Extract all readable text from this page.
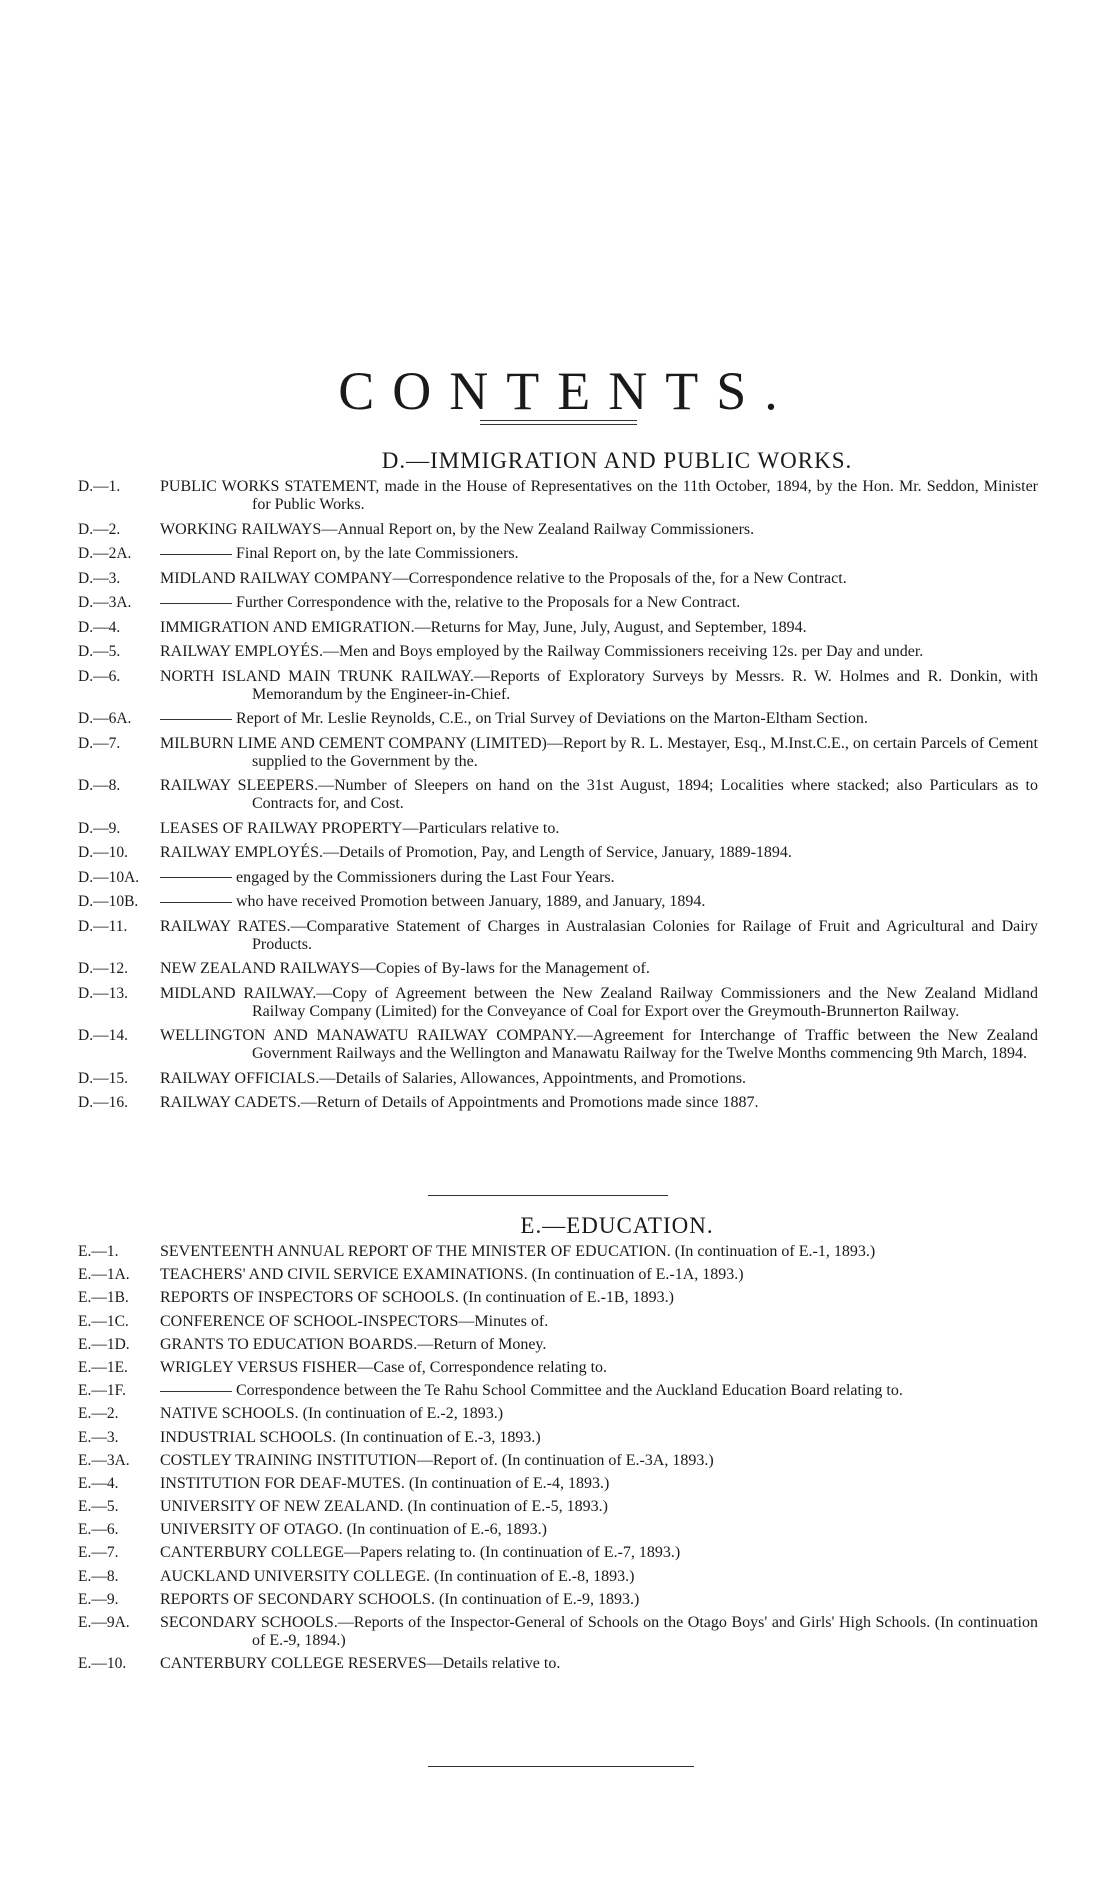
CONTENTS.
D.—IMMIGRATION AND PUBLIC WORKS.
D.—1.	PUBLIC WORKS STATEMENT, made in the House of Representatives on the 11th October, 1894, by the Hon. Mr. Seddon, Minister for Public Works.
D.—2.	WORKING RAILWAYS—Annual Report on, by the New Zealand Railway Commissioners.
D.—2A.	Final Report on, by the late Commissioners.
D.—3.	MIDLAND RAILWAY COMPANY—Correspondence relative to the Proposals of the, for a New Contract.
D.—3A.	Further Correspondence with the, relative to the Proposals for a New Contract.
D.—4.	IMMIGRATION AND EMIGRATION.—Returns for May, June, July, August, and September, 1894.
D.—5.	RAILWAY EMPLOYÉS.—Men and Boys employed by the Railway Commissioners receiving 12s. per Day and under.
D.—6.	NORTH ISLAND MAIN TRUNK RAILWAY.—Reports of Exploratory Surveys by Messrs. R. W. Holmes and R. Donkin, with Memorandum by the Engineer-in-Chief.
D.—6A.	Report of Mr. Leslie Reynolds, C.E., on Trial Survey of Deviations on the Marton-Eltham Section.
D.—7.	MILBURN LIME AND CEMENT COMPANY (LIMITED)—Report by R. L. Mestayer, Esq., M.Inst.C.E., on certain Parcels of Cement supplied to the Government by the.
D.—8.	RAILWAY SLEEPERS.—Number of Sleepers on hand on the 31st August, 1894; Localities where stacked; also Particulars as to Contracts for, and Cost.
D.—9.	LEASES OF RAILWAY PROPERTY—Particulars relative to.
D.—10.	RAILWAY EMPLOYÉS.—Details of Promotion, Pay, and Length of Service, January, 1889-1894.
D.—10A.	engaged by the Commissioners during the Last Four Years.
D.—10B.	who have received Promotion between January, 1889, and January, 1894.
D.—11.	RAILWAY RATES.—Comparative Statement of Charges in Australasian Colonies for Railage of Fruit and Agricultural and Dairy Products.
D.—12.	NEW ZEALAND RAILWAYS—Copies of By-laws for the Management of.
D.—13.	MIDLAND RAILWAY.—Copy of Agreement between the New Zealand Railway Commissioners and the New Zealand Midland Railway Company (Limited) for the Conveyance of Coal for Export over the Greymouth-Brunnerton Railway.
D.—14.	WELLINGTON AND MANAWATU RAILWAY COMPANY.—Agreement for Interchange of Traffic between the New Zealand Government Railways and the Wellington and Manawatu Railway for the Twelve Months commencing 9th March, 1894.
D.—15.	RAILWAY OFFICIALS.—Details of Salaries, Allowances, Appointments, and Promotions.
D.—16.	RAILWAY CADETS.—Return of Details of Appointments and Promotions made since 1887.
E.—EDUCATION.
E.—1.	SEVENTEENTH ANNUAL REPORT OF THE MINISTER OF EDUCATION. (In continuation of E.-1, 1893.)
E.—1A.	TEACHERS' AND CIVIL SERVICE EXAMINATIONS. (In continuation of E.-1A, 1893.)
E.—1B.	REPORTS OF INSPECTORS OF SCHOOLS. (In continuation of E.-1B, 1893.)
E.—1C.	CONFERENCE OF SCHOOL-INSPECTORS—Minutes of.
E.—1D.	GRANTS TO EDUCATION BOARDS.—Return of Money.
E.—1E.	WRIGLEY VERSUS FISHER—Case of, Correspondence relating to.
E.—1F.	Correspondence between the Te Rahu School Committee and the Auckland Education Board relating to.
E.—2.	NATIVE SCHOOLS. (In continuation of E.-2, 1893.)
E.—3.	INDUSTRIAL SCHOOLS. (In continuation of E.-3, 1893.)
E.—3A.	COSTLEY TRAINING INSTITUTION—Report of. (In continuation of E.-3A, 1893.)
E.—4.	INSTITUTION FOR DEAF-MUTES. (In continuation of E.-4, 1893.)
E.—5.	UNIVERSITY OF NEW ZEALAND. (In continuation of E.-5, 1893.)
E.—6.	UNIVERSITY OF OTAGO. (In continuation of E.-6, 1893.)
E.—7.	CANTERBURY COLLEGE—Papers relating to. (In continuation of E.-7, 1893.)
E.—8.	AUCKLAND UNIVERSITY COLLEGE. (In continuation of E.-8, 1893.)
E.—9.	REPORTS OF SECONDARY SCHOOLS. (In continuation of E.-9, 1893.)
E.—9A.	SECONDARY SCHOOLS.—Reports of the Inspector-General of Schools on the Otago Boys' and Girls' High Schools. (In continuation of E.-9, 1894.)
E.—10.	CANTERBURY COLLEGE RESERVES—Details relative to.
